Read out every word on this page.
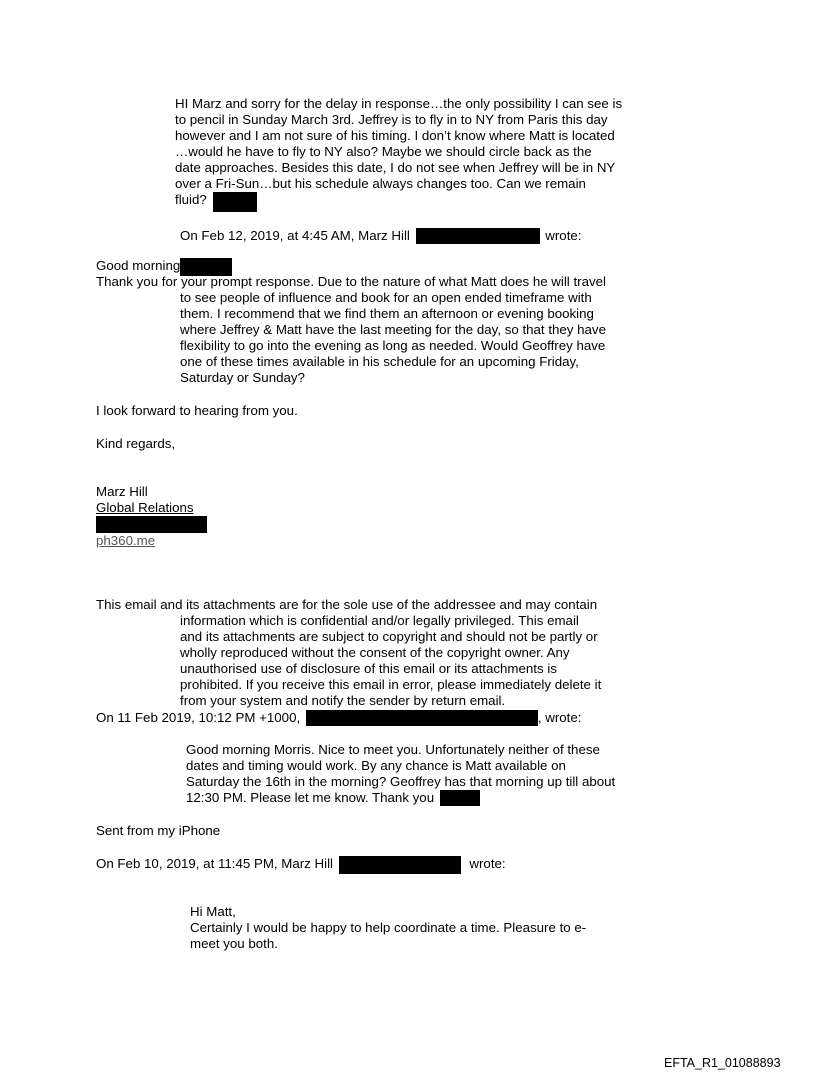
HI Marz and sorry for the delay in response…the only possibility I can see is
to pencil in Sunday March 3rd. Jeffrey is to fly in to NY from Paris this day
however and I am not sure of his timing. I don’t know where Matt is located
…would he have to fly to NY also? Maybe we should circle back as the
date approaches. Besides this date, I do not see when Jeffrey will be in NY
over a Fri-Sun…but his schedule always changes too. Can we remain
fluid?
On Feb 12, 2019, at 4:45 AM, Marz Hill	wrote:
Good morning
Thank you for your prompt response. Due to the nature of what Matt does he will travel
to see people of influence and book for an open ended timeframe with
them. I recommend that we find them an afternoon or evening booking
where Jeffrey & Matt have the last meeting for the day, so that they have
flexibility to go into the evening as long as needed. Would Geoffrey have
one of these times available in his schedule for an upcoming Friday,
Saturday or Sunday?
I look forward to hearing from you.
Kind regards,
Marz Hill
Global Relations
ph360.me
This email and its attachments are for the sole use of the addressee and may contain
information which is confidential and/or legally privileged. This email
and its attachments are subject to copyright and should not be partly or
wholly reproduced without the consent of the copyright owner. Any
unauthorised use of disclosure of this email or its attachments is
prohibited. If you receive this email in error, please immediately delete it
from your system and notify the sender by return email.
On 11 Feb 2019, 10:12 PM +1000,	, wrote:
Good morning Morris. Nice to meet you. Unfortunately neither of these
dates and timing would work. By any chance is Matt available on
Saturday the 16th in the morning? Geoffrey has that morning up till about
12:30 PM. Please let me know. Thank you
Sent from my iPhone
On Feb 10, 2019, at 11:45 PM, Marz Hill	wrote:
Hi Matt,
Certainly I would be happy to help coordinate a time. Pleasure to e-
meet you both.
EFTA_R1_01088893
